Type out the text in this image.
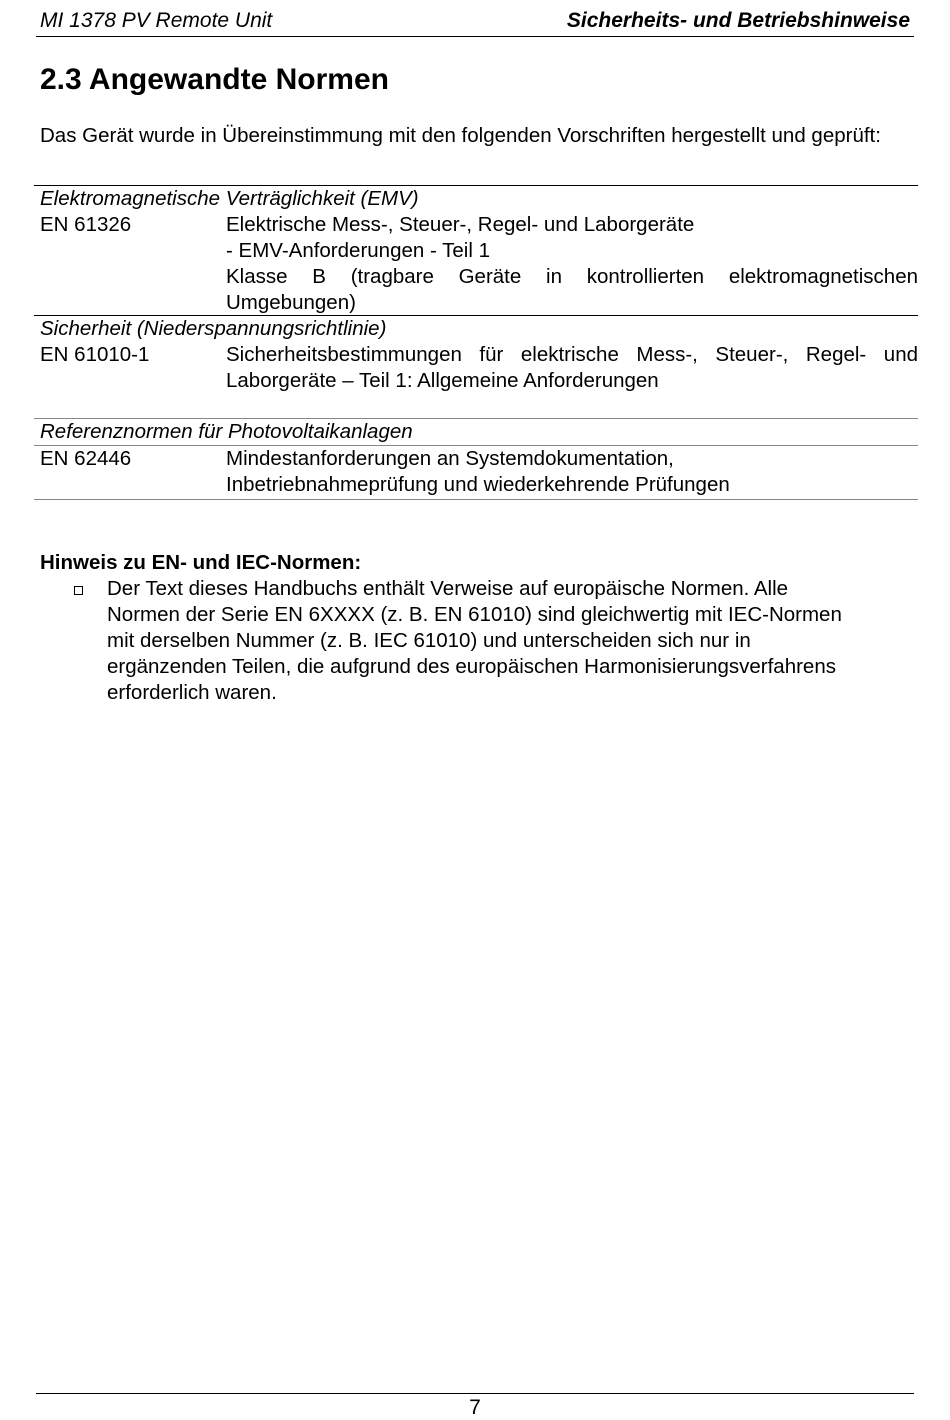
MI 1378 PV Remote Unit	Sicherheits- und Betriebshinweise
2.3 Angewandte Normen
Das Gerät wurde in Übereinstimmung mit den folgenden Vorschriften hergestellt und geprüft:
Elektromagnetische Verträglichkeit (EMV)
EN 61326	Elektrische Mess-, Steuer-, Regel- und Laborgeräte
- EMV-Anforderungen - Teil 1
Klasse B (tragbare Geräte in kontrollierten elektromagnetischen
Umgebungen)
Sicherheit (Niederspannungsrichtlinie)
EN 61010-1	Sicherheitsbestimmungen für elektrische Mess-, Steuer-, Regel- und
Laborgeräte – Teil 1: Allgemeine Anforderungen
Referenznormen für Photovoltaikanlagen
EN 62446	Mindestanforderungen an Systemdokumentation,
Inbetriebnahmeprüfung und wiederkehrende Prüfungen
Hinweis zu EN- und IEC-Normen:
Der Text dieses Handbuchs enthält Verweise auf europäische Normen. Alle
Normen der Serie EN 6XXXX (z. B. EN 61010) sind gleichwertig mit IEC-Normen
mit derselben Nummer (z. B. IEC 61010) und unterscheiden sich nur in
ergänzenden Teilen, die aufgrund des europäischen Harmonisierungsverfahrens
erforderlich waren.
7
